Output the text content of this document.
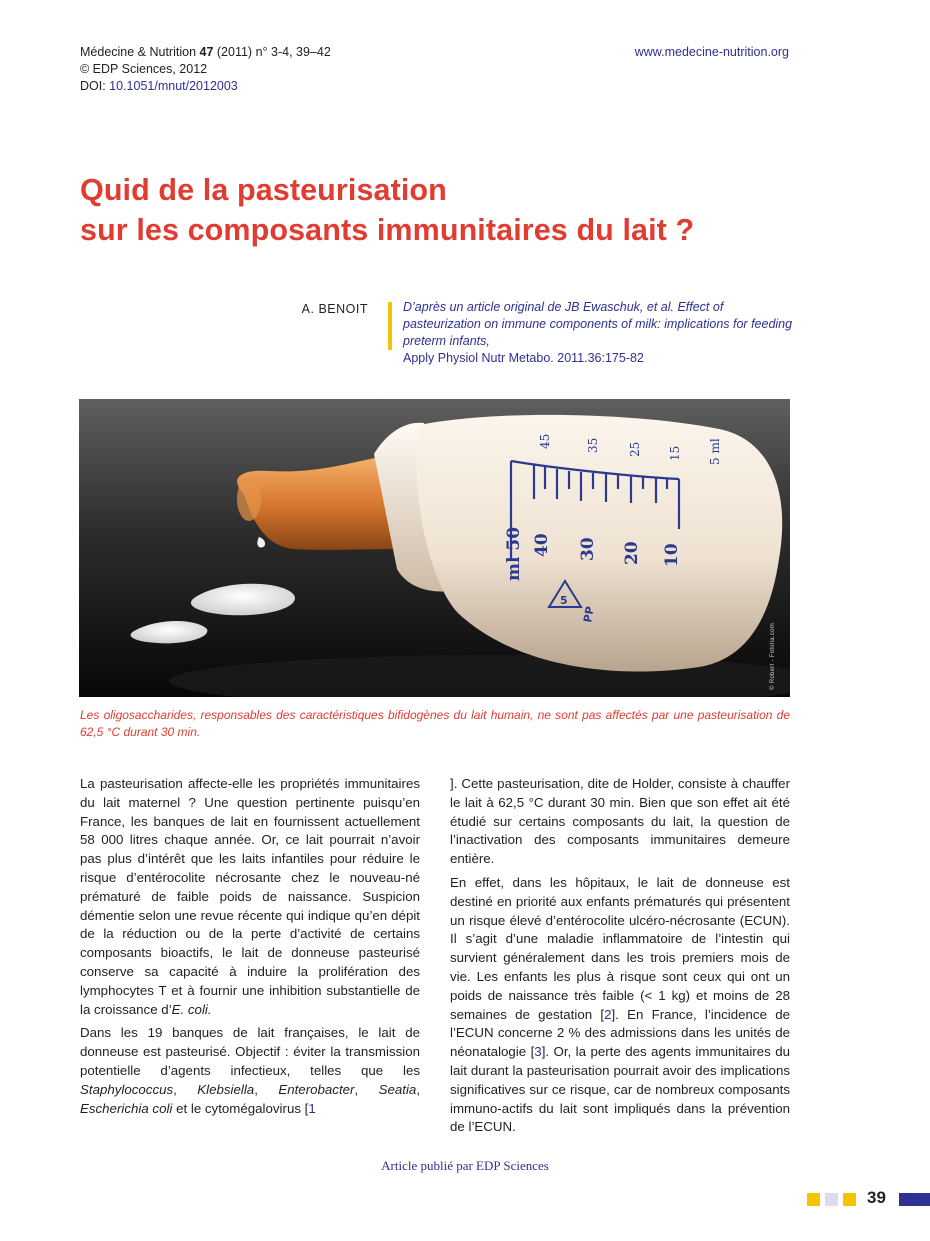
Médecine & Nutrition 47 (2011) n° 3-4, 39–42
© EDP Sciences, 2012
DOI: 10.1051/mnut/2012003
www.medecine-nutrition.org
Quid de la pasteurisation
sur les composants immunitaires du lait ?
A. BENOIT	D’après un article original de JB Ewaschuk, et al. Effect of pasteurization on immune components of milk: implications for feeding preterm infants,
Apply Physiol Nutr Metabo. 2011.36:175-82
ml 50 40 30 20 10
45	35 25 15 5 ml
5
PP
© Robert - Fotolia.com
Les oligosaccharides, responsables des caractéristiques bifidogènes du lait humain, ne sont pas affectés par une pasteurisation de 62,5 °C durant 30 min.

La pasteurisation affecte-elle les propriétés immunitaires du lait maternel ? Une question pertinente puisqu’en France, les banques de lait en fournissent actuellement 58 000 litres chaque année. Or, ce lait pourrait n’avoir pas plus d’intérêt que les laits infantiles pour réduire le risque d’entérocolite nécrosante chez le nouveau-né prématuré de faible poids de naissance. Suspicion démentie selon une revue récente qui indique qu’en dépit de la réduction ou de la perte d’activité de certains composants bioactifs, le lait de donneuse pasteurisé conserve sa capacité à induire la prolifération des lymphocytes T et à fournir une inhibition substantielle de la croissance d’E. coli.

Dans les 19 banques de lait françaises, le lait de donneuse est pasteurisé. Objectif : éviter la transmission potentielle d’agents infectieux, telles que les Staphylococcus, Klebsiella, Enterobacter, Seatia, Escherichia coli et le cytomégalovirus [1

]. Cette pasteurisation, dite de Holder, consiste à chauffer le lait à 62,5 °C durant 30 min. Bien que son effet ait été étudié sur certains composants du lait, la question de l’inactivation des composants immunitaires demeure entière.

En effet, dans les hôpitaux, le lait de donneuse est destiné en priorité aux enfants prématurés qui présentent un risque élevé d’entérocolite ulcéro-nécrosante (ECUN). Il s’agit d’une maladie inflammatoire de l’intestin qui survient généralement dans les trois premiers mois de vie. Les enfants les plus à risque sont ceux qui ont un poids de naissance très faible (< 1 kg) et moins de 28 semaines de gestation [2]. En France, l’incidence de l’ECUN concerne 2 % des admissions dans les unités de néonatalogie [3]. Or, la perte des agents immunitaires du lait durant la pasteurisation pourrait avoir des implications significatives sur ce risque, car de nombreux composants immuno-actifs du lait sont impliqués dans la prévention de l’ECUN.

Article publié par EDP Sciences
39
